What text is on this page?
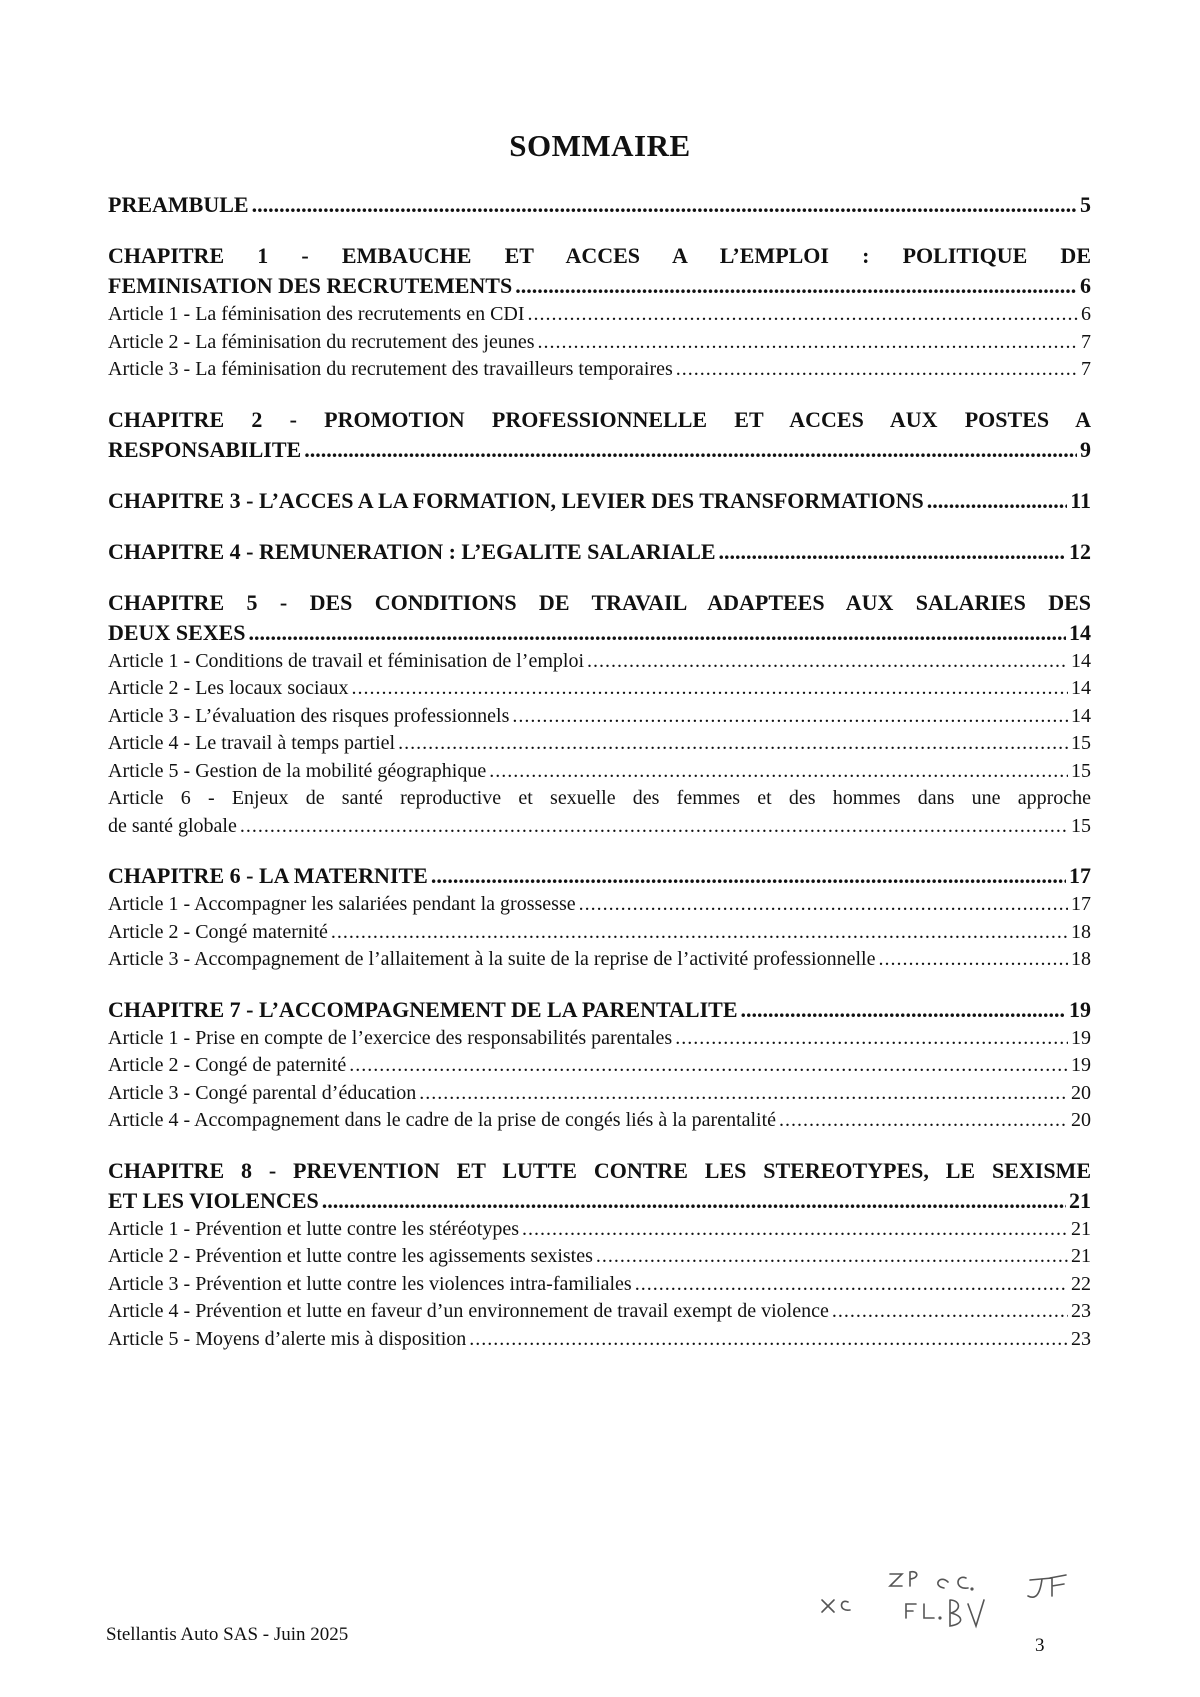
SOMMAIRE
PREAMBULE .....	5
CHAPITRE 1 - EMBAUCHE ET ACCES A L’EMPLOI : POLITIQUE DE
FEMINISATION DES RECRUTEMENTS .....	6
Article 1 - La féminisation des recrutements en CDI .....	6
Article 2 - La féminisation du recrutement des jeunes .....	7
Article 3 - La féminisation du recrutement des travailleurs temporaires .....	7
CHAPITRE 2 - PROMOTION PROFESSIONNELLE ET ACCES AUX POSTES A
RESPONSABILITE .....	9
CHAPITRE 3 - L’ACCES A LA FORMATION, LEVIER DES TRANSFORMATIONS .....	11
CHAPITRE 4 - REMUNERATION : L’EGALITE SALARIALE .....	12
CHAPITRE 5 - DES CONDITIONS DE TRAVAIL ADAPTEES AUX SALARIES DES
DEUX SEXES .....	14
Article 1 - Conditions de travail et féminisation de l’emploi .....	14
Article 2 - Les locaux sociaux .....	14
Article 3 - L’évaluation des risques professionnels .....	14
Article 4 - Le travail à temps partiel .....	15
Article 5 - Gestion de la mobilité géographique .....	15
Article 6 - Enjeux de santé reproductive et sexuelle des femmes et des hommes dans une approche
de santé globale .....	15
CHAPITRE 6 - LA MATERNITE .....	17
Article 1 - Accompagner les salariées pendant la grossesse .....	17
Article 2 - Congé maternité .....	18
Article 3 - Accompagnement de l’allaitement à la suite de la reprise de l’activité professionnelle .....	18
CHAPITRE 7 - L’ACCOMPAGNEMENT DE LA PARENTALITE .....	19
Article 1 - Prise en compte de l’exercice des responsabilités parentales .....	19
Article 2 - Congé de paternité .....	19
Article 3 - Congé parental d’éducation .....	20
Article 4 - Accompagnement dans le cadre de la prise de congés liés à la parentalité .....	20
CHAPITRE 8 - PREVENTION ET LUTTE CONTRE LES STEREOTYPES, LE SEXISME
ET LES VIOLENCES .....	21
Article 1 - Prévention et lutte contre les stéréotypes .....	21
Article 2 - Prévention et lutte contre les agissements sexistes .....	21
Article 3 - Prévention et lutte contre les violences intra-familiales .....	22
Article 4 - Prévention et lutte en faveur d’un environnement de travail exempt de violence .....	23
Article 5 - Moyens d’alerte mis à disposition .....	23
Stellantis Auto SAS - Juin 2025
3
